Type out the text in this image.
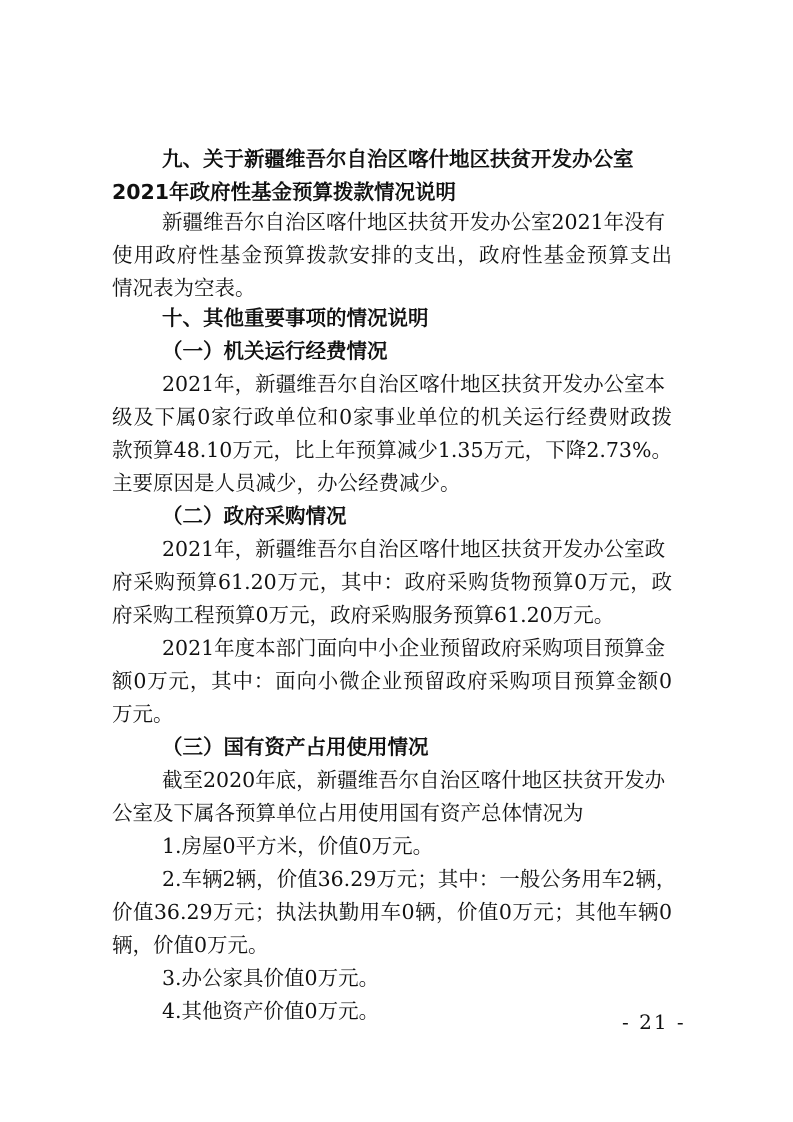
九、关于新疆维吾尔自治区喀什地区扶贫开发办公室
2021年政府性基金预算拨款情况说明
新疆维吾尔自治区喀什地区扶贫开发办公室2021年没有
使用政府性基金预算拨款安排的支出，政府性基金预算支出
情况表为空表。
十、其他重要事项的情况说明
（一）机关运行经费情况
2021年，新疆维吾尔自治区喀什地区扶贫开发办公室本
级及下属0家行政单位和0家事业单位的机关运行经费财政拨
款预算48.10万元，比上年预算减少1.35万元，下降2.73%。
主要原因是人员减少，办公经费减少。
（二）政府采购情况
2021年，新疆维吾尔自治区喀什地区扶贫开发办公室政
府采购预算61.20万元，其中：政府采购货物预算0万元，政
府采购工程预算0万元，政府采购服务预算61.20万元。
2021年度本部门面向中小企业预留政府采购项目预算金
额0万元，其中：面向小微企业预留政府采购项目预算金额0
万元。
（三）国有资产占用使用情况
截至2020年底，新疆维吾尔自治区喀什地区扶贫开发办
公室及下属各预算单位占用使用国有资产总体情况为
1.房屋0平方米，价值0万元。
2.车辆2辆，价值36.29万元；其中：一般公务用车2辆，
价值36.29万元；执法执勤用车0辆，价值0万元；其他车辆0
辆，价值0万元。
3.办公家具价值0万元。
4.其他资产价值0万元。	- 21 -
